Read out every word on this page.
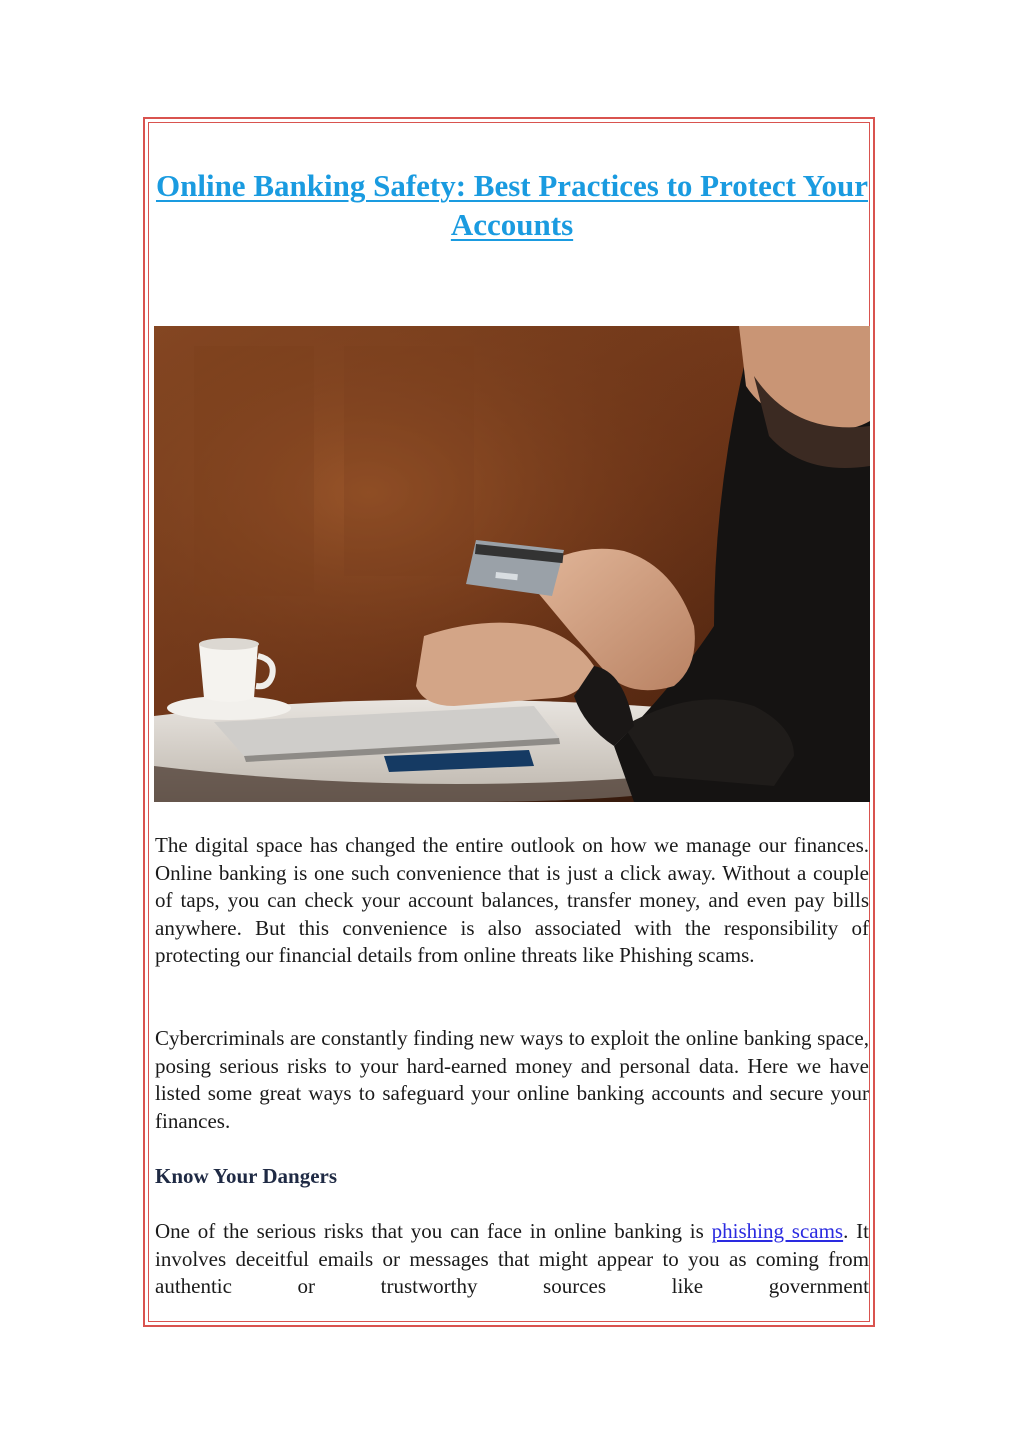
Online Banking Safety: Best Practices to Protect Your Accounts

The digital space has changed the entire outlook on how we manage our finances. Online banking is one such convenience that is just a click away. Without a couple of taps, you can check your account balances, transfer money, and even pay bills anywhere. But this convenience is also associated with the responsibility of protecting our financial details from online threats like Phishing scams.

Cybercriminals are constantly finding new ways to exploit the online banking space, posing serious risks to your hard-earned money and personal data. Here we have listed some great ways to safeguard your online banking accounts and secure your finances.

Know Your Dangers

One of the serious risks that you can face in online banking is phishing scams. It involves deceitful emails or messages that might appear to you as coming from authentic or trustworthy sources like government
